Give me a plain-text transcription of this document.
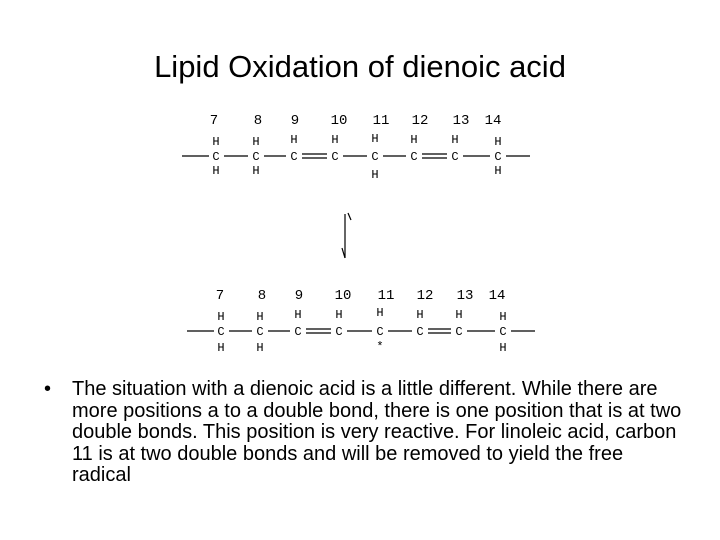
Lipid Oxidation of dienoic acid
7
H
C
H
8
H
C
H
9
H
C
10
H
C
11
H
C
H
12
H
C
13
H
C
14
H
C
H
7
H
C
H
8
H
C
H
9
H
C
10
H
C
11
H
C
12
H
C
13
H
C
14
H
C
H
*
• The situation with a dienoic acid is a little different. While there are more positions a to a double bond, there is one position that is at two double bonds. This position is very reactive. For linoleic acid, carbon 11 is at two double bonds and will be removed to yield the free radical
